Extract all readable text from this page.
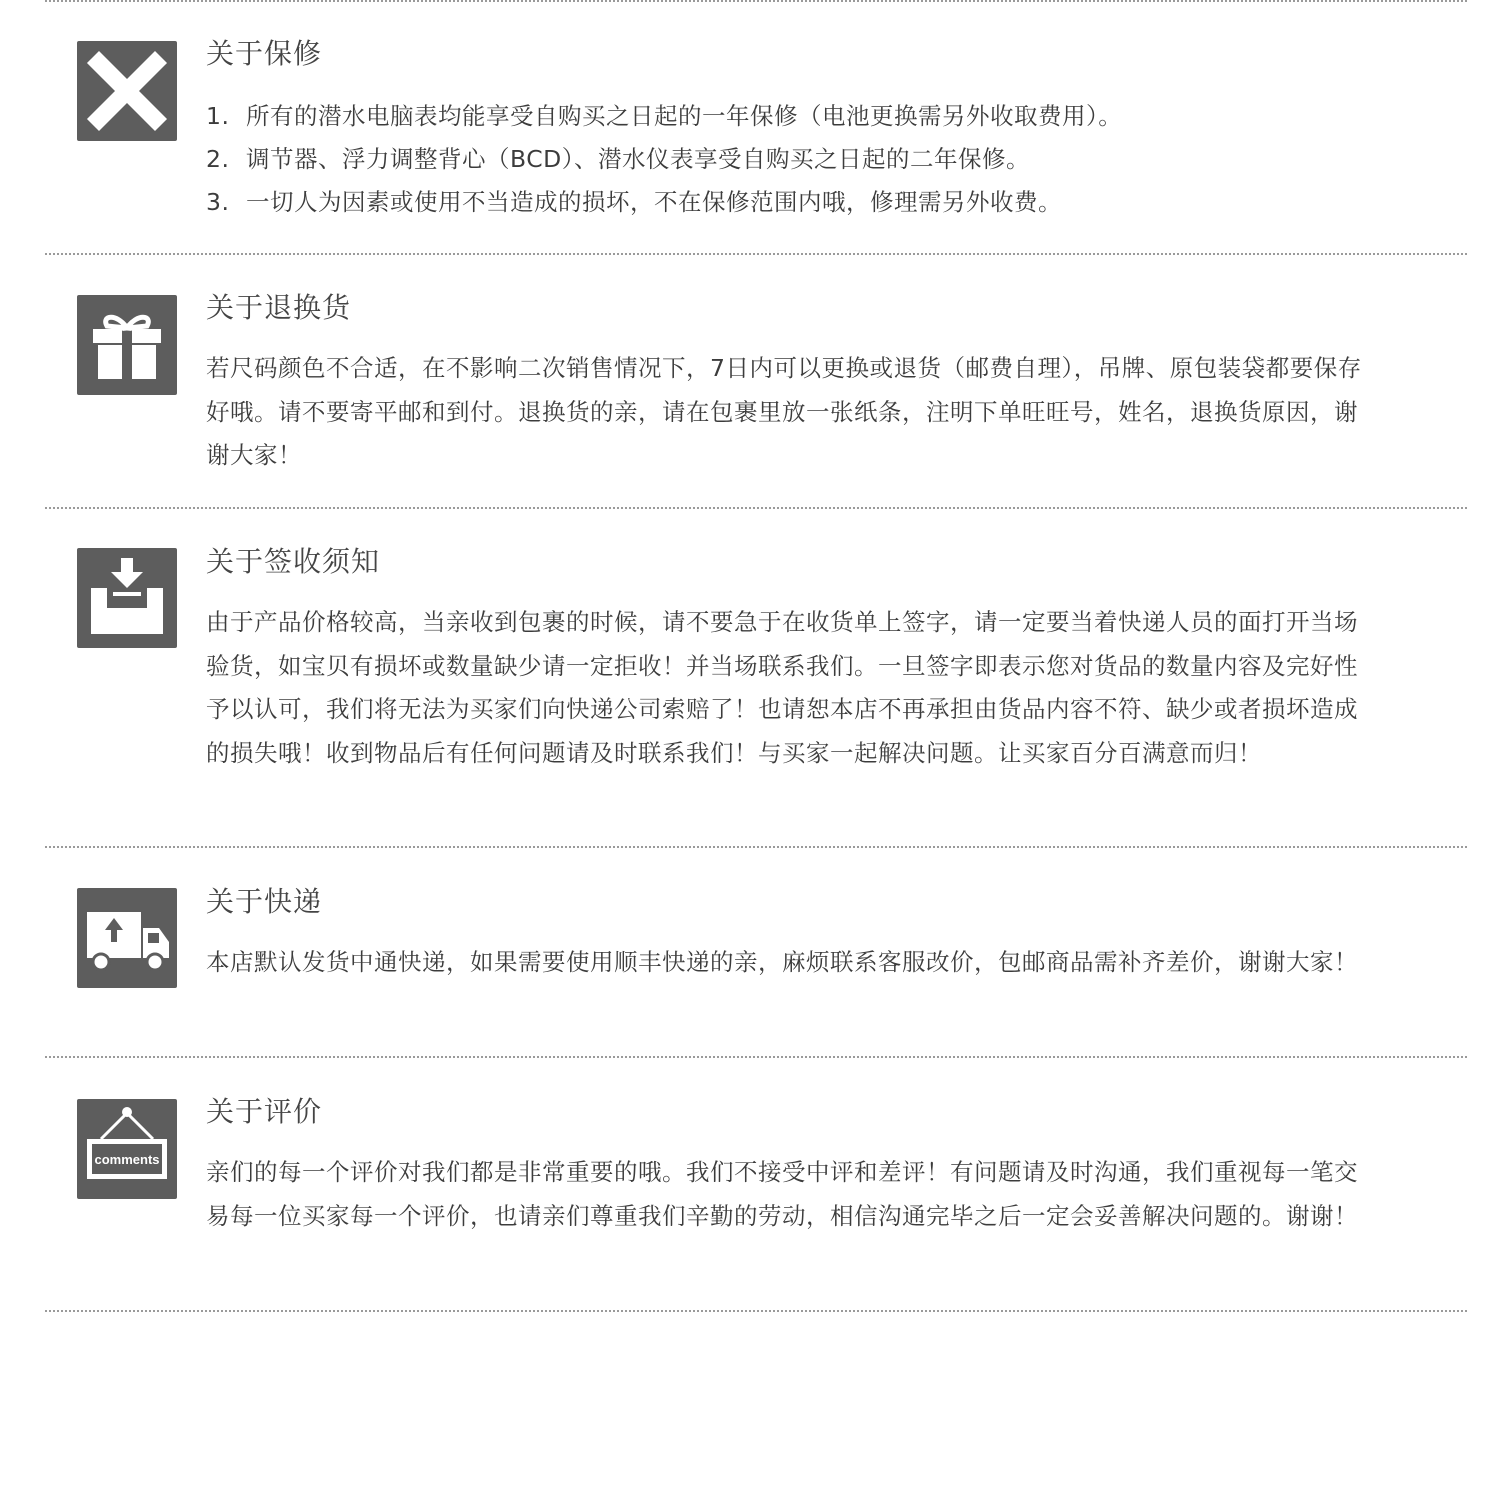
关于保修
1. 所有的潜水电脑表均能享受自购买之日起的一年保修（电池更换需另外收取费用）。
2. 调节器、浮力调整背心（BCD）、潜水仪表享受自购买之日起的二年保修。
3. 一切人为因素或使用不当造成的损坏，不在保修范围内哦，修理需另外收费。
关于退换货
若尺码颜色不合适，在不影响二次销售情况下，7日内可以更换或退货（邮费自理），吊牌、原包装袋都要保存好哦。请不要寄平邮和到付。退换货的亲，请在包裹里放一张纸条，注明下单旺旺号，姓名，退换货原因，谢谢大家！
关于签收须知
由于产品价格较高，当亲收到包裹的时候，请不要急于在收货单上签字，请一定要当着快递人员的面打开当场验货，如宝贝有损坏或数量缺少请一定拒收！并当场联系我们。一旦签字即表示您对货品的数量内容及完好性予以认可，我们将无法为买家们向快递公司索赔了！也请恕本店不再承担由货品内容不符、缺少或者损坏造成的损失哦！收到物品后有任何问题请及时联系我们！与买家一起解决问题。让买家百分百满意而归！
关于快递
本店默认发货中通快递，如果需要使用顺丰快递的亲，麻烦联系客服改价，包邮商品需补齐差价，谢谢大家！
comments
关于评价
亲们的每一个评价对我们都是非常重要的哦。我们不接受中评和差评！有问题请及时沟通，我们重视每一笔交易每一位买家每一个评价，也请亲们尊重我们辛勤的劳动，相信沟通完毕之后一定会妥善解决问题的。谢谢！
